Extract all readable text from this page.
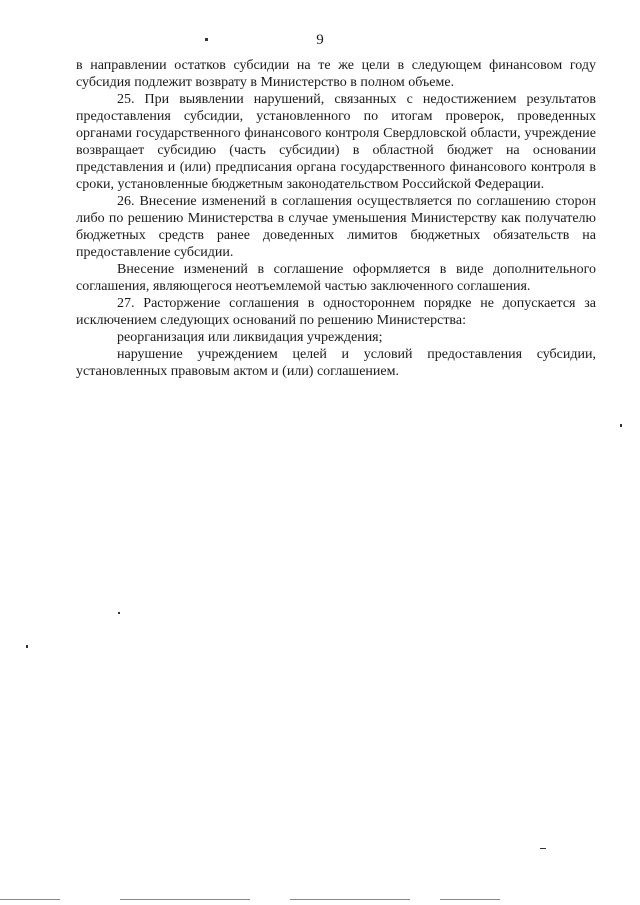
9

в направлении остатков субсидии на те же цели в следующем финансовом году субсидия подлежит возврату в Министерство в полном объеме.

25. При выявлении нарушений, связанных с недостижением результатов предоставления субсидии, установленного по итогам проверок, проведенных органами государственного финансового контроля Свердловской области, учреждение возвращает субсидию (часть субсидии) в областной бюджет на основании представления и (или) предписания органа государственного финансового контроля в сроки, установленные бюджетным законодательством Российской Федерации.

26. Внесение изменений в соглашения осуществляется по соглашению сторон либо по решению Министерства в случае уменьшения Министерству как получателю бюджетных средств ранее доведенных лимитов бюджетных обязательств на предоставление субсидии.

Внесение изменений в соглашение оформляется в виде дополнительного соглашения, являющегося неотъемлемой частью заключенного соглашения.

27. Расторжение соглашения в одностороннем порядке не допускается за исключением следующих оснований по решению Министерства:

реорганизация или ликвидация учреждения;

нарушение учреждением целей и условий предоставления субсидии, установленных правовым актом и (или) соглашением.
